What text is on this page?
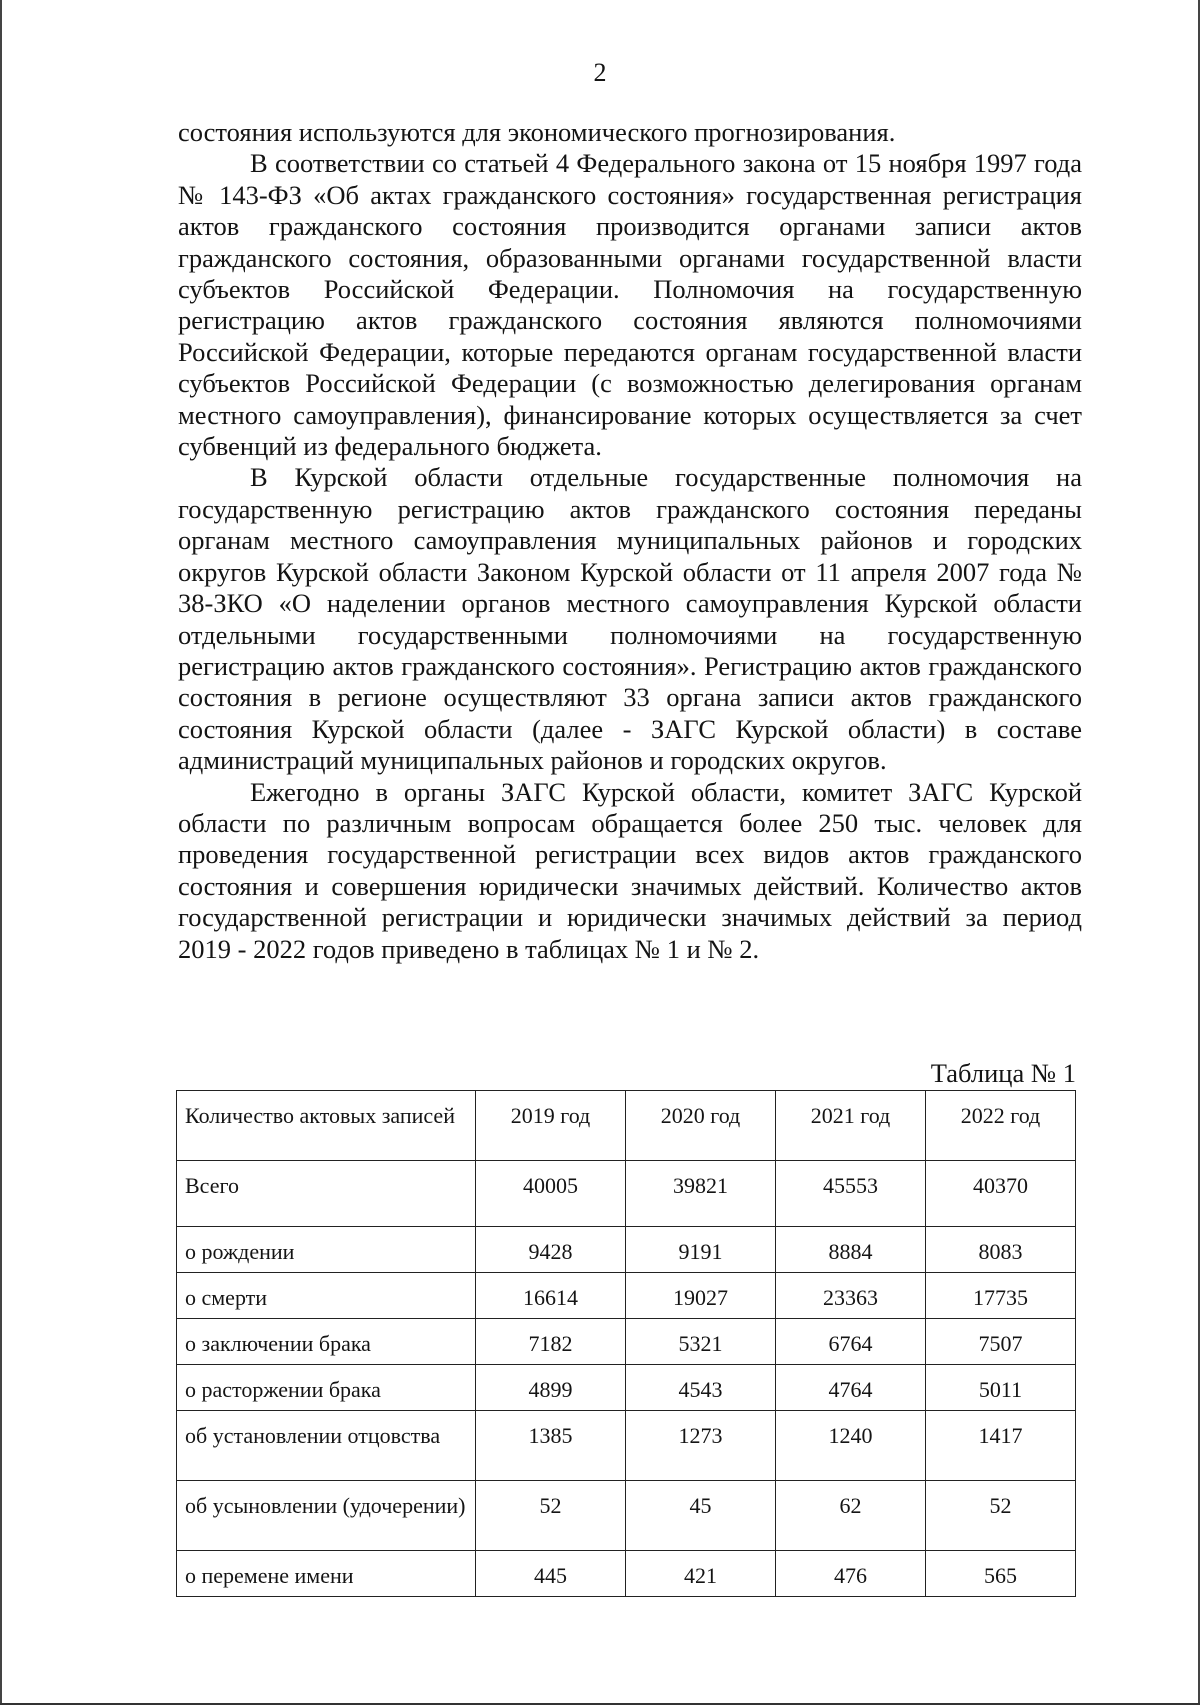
2

состояния используются для экономического прогнозирования.

В соответствии со статьей 4 Федерального закона от 15 ноября 1997 года № 143-ФЗ «Об актах гражданского состояния» государственная регистрация актов гражданского состояния производится органами записи актов гражданского состояния, образованными органами государственной власти субъектов Российской Федерации. Полномочия на государственную регистрацию актов гражданского состояния являются полномочиями Российской Федерации, которые передаются органам государственной власти субъектов Российской Федерации (с возможностью делегирования органам местного самоуправления), финансирование которых осуществляется за счет субвенций из федерального бюджета.

В Курской области отдельные государственные полномочия на государственную регистрацию актов гражданского состояния переданы органам местного самоуправления муниципальных районов и городских округов Курской области Законом Курской области от 11 апреля 2007 года № 38-ЗКО «О наделении органов местного самоуправления Курской области отдельными государственными полномочиями на государственную регистрацию актов гражданского состояния». Регистрацию актов гражданского состояния в регионе осуществляют 33 органа записи актов гражданского состояния Курской области (далее - ЗАГС Курской области) в составе администраций муниципальных районов и городских округов.

Ежегодно в органы ЗАГС Курской области, комитет ЗАГС Курской области по различным вопросам обращается более 250 тыс. человек для проведения государственной регистрации всех видов актов гражданского состояния и совершения юридически значимых действий. Количество актов государственной регистрации и юридически значимых действий за период 2019 - 2022 годов приведено в таблицах № 1 и № 2.

Таблица № 1
Количество актовых записей	2019 год	2020 год	2021 год	2022 год
Всего	40005	39821	45553	40370
о рождении	9428	9191	8884	8083
о смерти	16614	19027	23363	17735
о заключении брака	7182	5321	6764	7507
о расторжении брака	4899	4543	4764	5011
об установлении отцовства	1385	1273	1240	1417
об усыновлении (удочерении)	52	45	62	52
о перемене имени	445	421	476	565
